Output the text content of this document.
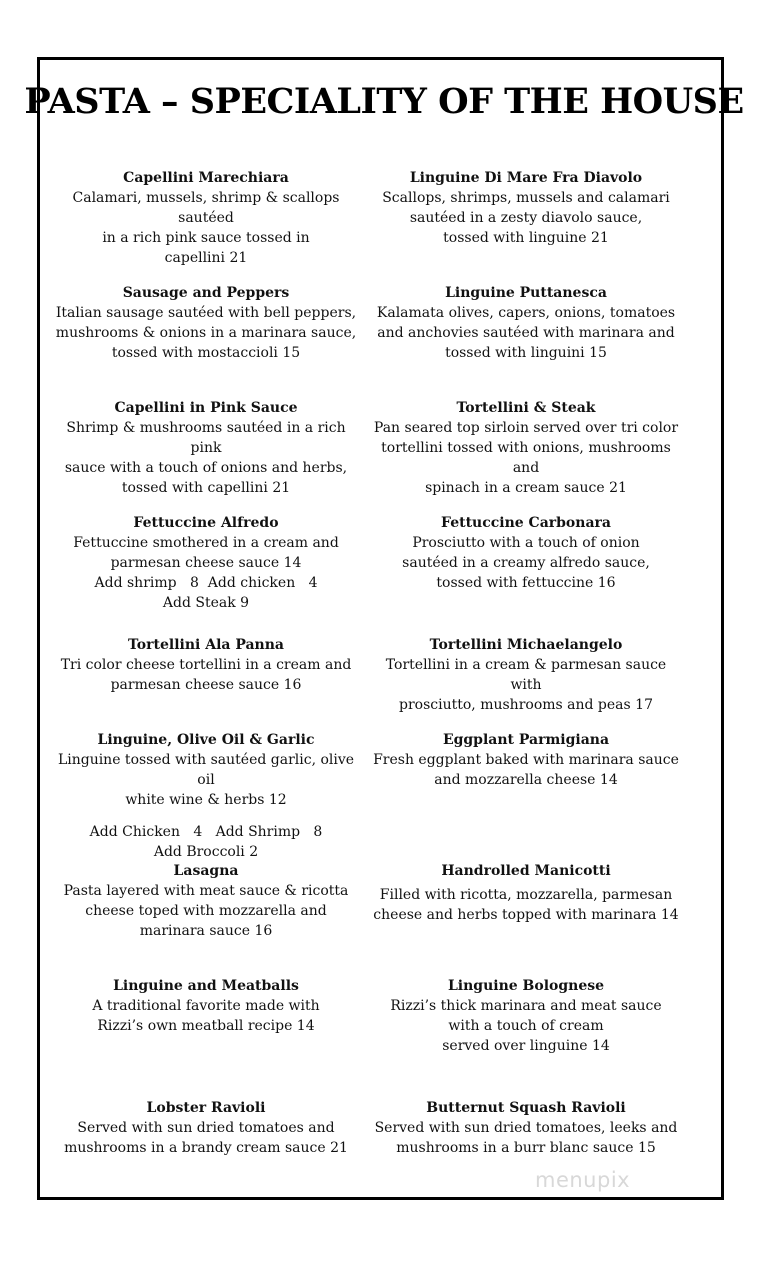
PASTA – SPECIALITY OF THE HOUSE
Capellini Marechiara
Calamari, mussels, shrimp & scallops sautéed
in a rich pink sauce tossed in
capellini 21
Sausage and Peppers
Italian sausage sautéed with bell peppers,
mushrooms & onions in a marinara sauce,
tossed with mostaccioli 15
Capellini in Pink Sauce
Shrimp & mushrooms sautéed in a rich pink
sauce with a touch of onions and herbs,
tossed with capellini 21
Fettuccine Alfredo
Fettuccine smothered in a cream and
parmesan cheese sauce 14
Add shrimp   8  Add chicken   4
Add Steak 9
Tortellini Ala Panna
Tri color cheese tortellini in a cream and
parmesan cheese sauce 16
Linguine, Olive Oil & Garlic
Linguine tossed with sautéed garlic, olive oil
white wine & herbs 12
Add Chicken   4   Add Shrimp   8
Add Broccoli 2
Lasagna
Pasta layered with meat sauce & ricotta
cheese toped with mozzarella and
marinara sauce 16
Linguine and Meatballs
A traditional favorite made with
Rizzi’s own meatball recipe 14
Lobster Ravioli
Served with sun dried tomatoes and
mushrooms in a brandy cream sauce 21
Linguine Di Mare Fra Diavolo
Scallops, shrimps, mussels and calamari
sautéed in a zesty diavolo sauce,
tossed with linguine 21
Linguine Puttanesca
Kalamata olives, capers, onions, tomatoes
and anchovies sautéed with marinara and
tossed with linguini 15
Tortellini & Steak
Pan seared top sirloin served over tri color
tortellini tossed with onions, mushrooms and
spinach in a cream sauce 21
Fettuccine Carbonara
Prosciutto with a touch of onion
sautéed in a creamy alfredo sauce,
tossed with fettuccine 16
Tortellini Michaelangelo
Tortellini in a cream & parmesan sauce with
prosciutto, mushrooms and peas 17
Eggplant Parmigiana
Fresh eggplant baked with marinara sauce
and mozzarella cheese 14
Handrolled Manicotti
Filled with ricotta, mozzarella, parmesan
cheese and herbs topped with marinara 14
Linguine Bolognese
Rizzi’s thick marinara and meat sauce
with a touch of cream
served over linguine 14
Butternut Squash Ravioli
Served with sun dried tomatoes, leeks and
mushrooms in a burr blanc sauce 15
menupix
